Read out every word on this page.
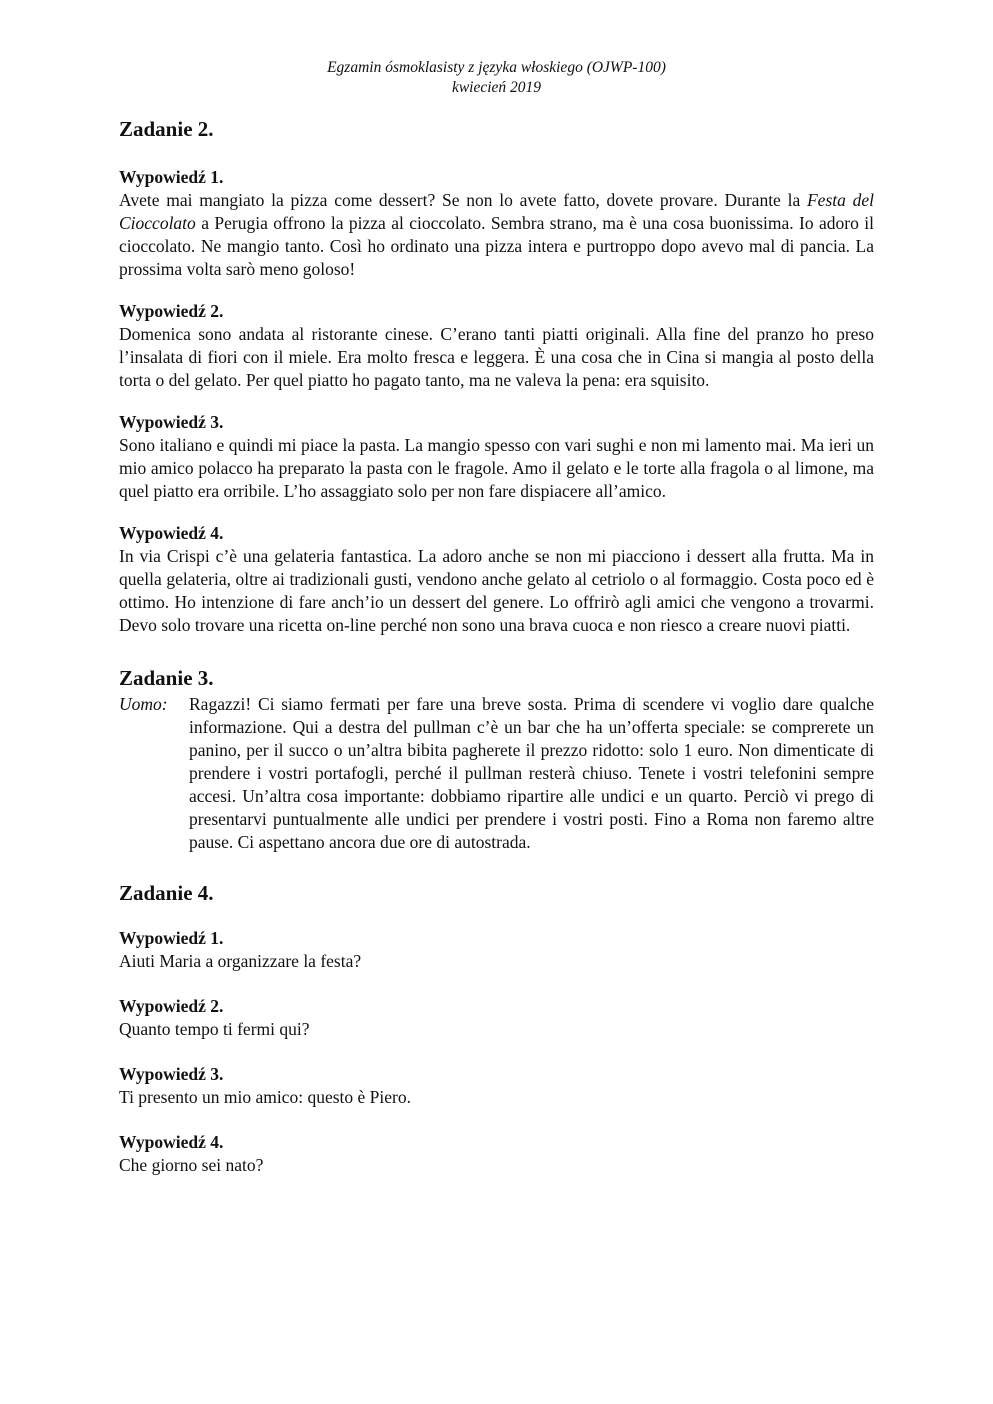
Egzamin ósmoklasisty z języka włoskiego (OJWP-100)
kwiecień 2019
Zadanie 2.
Wypowiedź 1.
Avete mai mangiato la pizza come dessert? Se non lo avete fatto, dovete provare. Durante la Festa del Cioccolato a Perugia offrono la pizza al cioccolato. Sembra strano, ma è una cosa buonissima. Io adoro il cioccolato. Ne mangio tanto. Così ho ordinato una pizza intera e purtroppo dopo avevo mal di pancia. La prossima volta sarò meno goloso!
Wypowiedź 2.
Domenica sono andata al ristorante cinese. C’erano tanti piatti originali. Alla fine del pranzo ho preso l’insalata di fiori con il miele. Era molto fresca e leggera. È una cosa che in Cina si mangia al posto della torta o del gelato. Per quel piatto ho pagato tanto, ma ne valeva la pena: era squisito.
Wypowiedź 3.
Sono italiano e quindi mi piace la pasta. La mangio spesso con vari sughi e non mi lamento mai. Ma ieri un mio amico polacco ha preparato la pasta con le fragole. Amo il gelato e le torte alla fragola o al limone, ma quel piatto era orribile. L’ho assaggiato solo per non fare dispiacere all’amico.
Wypowiedź 4.
In via Crispi c’è una gelateria fantastica. La adoro anche se non mi piacciono i dessert alla frutta. Ma in quella gelateria, oltre ai tradizionali gusti, vendono anche gelato al cetriolo o al formaggio. Costa poco ed è ottimo. Ho intenzione di fare anch’io un dessert del genere. Lo offrirò agli amici che vengono a trovarmi. Devo solo trovare una ricetta on-line perché non sono una brava cuoca e non riesco a creare nuovi piatti.
Zadanie 3.
Uomo:	Ragazzi! Ci siamo fermati per fare una breve sosta. Prima di scendere vi voglio dare qualche informazione. Qui a destra del pullman c’è un bar che ha un’offerta speciale: se comprerete un panino, per il succo o un’altra bibita pagherete il prezzo ridotto: solo 1 euro. Non dimenticate di prendere i vostri portafogli, perché il pullman resterà chiuso. Tenete i vostri telefonini sempre accesi. Un’altra cosa importante: dobbiamo ripartire alle undici e un quarto. Perciò vi prego di presentarvi puntualmente alle undici per prendere i vostri posti. Fino a Roma non faremo altre pause. Ci aspettano ancora due ore di autostrada.
Zadanie 4.
Wypowiedź 1.
Aiuti Maria a organizzare la festa?
Wypowiedź 2.
Quanto tempo ti fermi qui?
Wypowiedź 3.
Ti presento un mio amico: questo è Piero.
Wypowiedź 4.
Che giorno sei nato?
